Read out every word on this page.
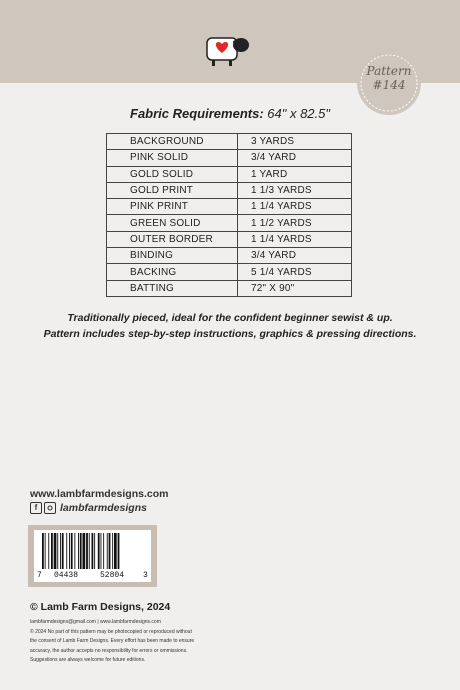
Pattern
#144
Fabric Requirements: 64" x 82.5"
BACKGROUND	3 YARDS
PINK SOLID	3/4 YARD
GOLD SOLID	1 YARD
GOLD PRINT	1 1/3 YARDS
PINK PRINT	1 1/4 YARDS
GREEN SOLID	1 1/2 YARDS
OUTER BORDER	1 1/4 YARDS
BINDING	3/4 YARD
BACKING	5 1/4 YARDS
BATTING	72" X 90"
Traditionally pieced, ideal for the confident beginner sewist & up.
Pattern includes step-by-step instructions, graphics & pressing directions.
www.lambfarmdesigns.com
f	lambfarmdesigns
7 04438	52804 3
© Lamb Farm Designs, 2024
lambfarmdesigns@gmail.com | www.lambfarmdesigns.com
© 2024 No part of this pattern may be photocopied or reproduced without
the consent of Lamb Farm Designs. Every effort has been made to ensure
accuracy, the author accepts no responsibility for errors or ommissions.
Suggestions are always welcome for future editions.
